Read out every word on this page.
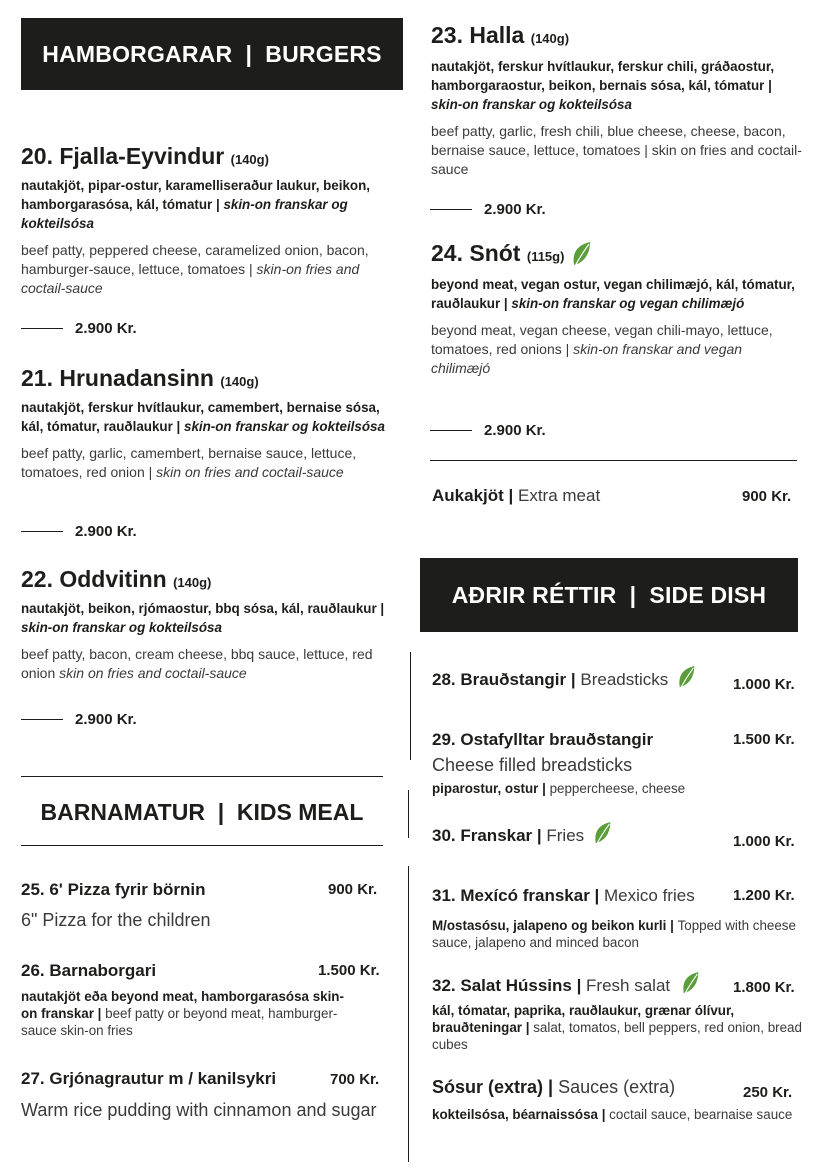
HAMBORGARAR  |  BURGERS
20. Fjalla-Eyvindur (140g)
nautakjöt, pipar-ostur, karamelliseraður laukur, beikon, hamborgarasósa, kál, tómatur | skin-on franskar og kokteilsósa
beef patty, peppered cheese, caramelized onion, bacon, hamburger-sauce, lettuce, tomatoes | skin-on fries and coctail-sauce
2.900 Kr.
21. Hrunadansinn (140g)
nautakjöt, ferskur hvítlaukur, camembert, bernaise sósa, kál, tómatur, rauðlaukur | skin-on franskar og kokteilsósa
beef patty, garlic, camembert, bernaise sauce, lettuce, tomatoes, red onion | skin on fries and coctail-sauce
2.900 Kr.
22. Oddvitinn (140g)
nautakjöt, beikon, rjómaostur, bbq sósa, kál, rauðlaukur | skin-on franskar og kokteilsósa
beef patty, bacon, cream cheese, bbq sauce, lettuce, red onion skin on fries and coctail-sauce
2.900 Kr.
BARNAMATUR  |  KIDS MEAL
25. 6' Pizza fyrir börnin	900 Kr.
6" Pizza for the children
26. Barnaborgari	1.500 Kr.
nautakjöt eða beyond meat, hamborgarasósa skin-on franskar | beef patty or beyond meat, hamburger-sauce skin-on fries
27. Grjónagrautur m / kanilsykri	700 Kr.
Warm rice pudding with cinnamon and sugar
23. Halla (140g)
nautakjöt, ferskur hvítlaukur, ferskur chili, gráðaostur, hamborgaraostur, beikon, bernais sósa, kál, tómatur | skin-on franskar og kokteilsósa
beef patty, garlic, fresh chili, blue cheese, cheese, bacon, bernaise sauce, lettuce, tomatoes | skin on fries and coctail-sauce
2.900 Kr.
24. Snót (115g)
beyond meat, vegan ostur, vegan chilimæjó, kál, tómatur, rauðlaukur | skin-on franskar og vegan chilimæjó
beyond meat, vegan cheese, vegan chili-mayo, lettuce, tomatoes, red onions | skin-on franskar and vegan chilimæjó
2.900 Kr.
Aukakjöt | Extra meat	900 Kr.
AÐRIR RÉTTIR  |  SIDE DISH
28. Brauðstangir | Breadsticks	1.000 Kr.
29. Ostafylltar brauðstangir	1.500 Kr.
Cheese filled breadsticks
piparostur, ostur | peppercheese, cheese
30. Franskar | Fries	1.000 Kr.
31. Mexícó franskar | Mexico fries	1.200 Kr.
M/ostasósu, jalapeno og beikon kurli | Topped with cheese sauce, jalapeno and minced bacon
32. Salat Hússins | Fresh salat	1.800 Kr.
kál, tómatar, paprika, rauðlaukur, grænar ólívur, brauðteningar | salat, tomatos, bell peppers, red onion, bread cubes
Sósur (extra) | Sauces (extra)	250 Kr.
kokteilsósa, béarnaissósa | coctail sauce, bearnaise sauce
